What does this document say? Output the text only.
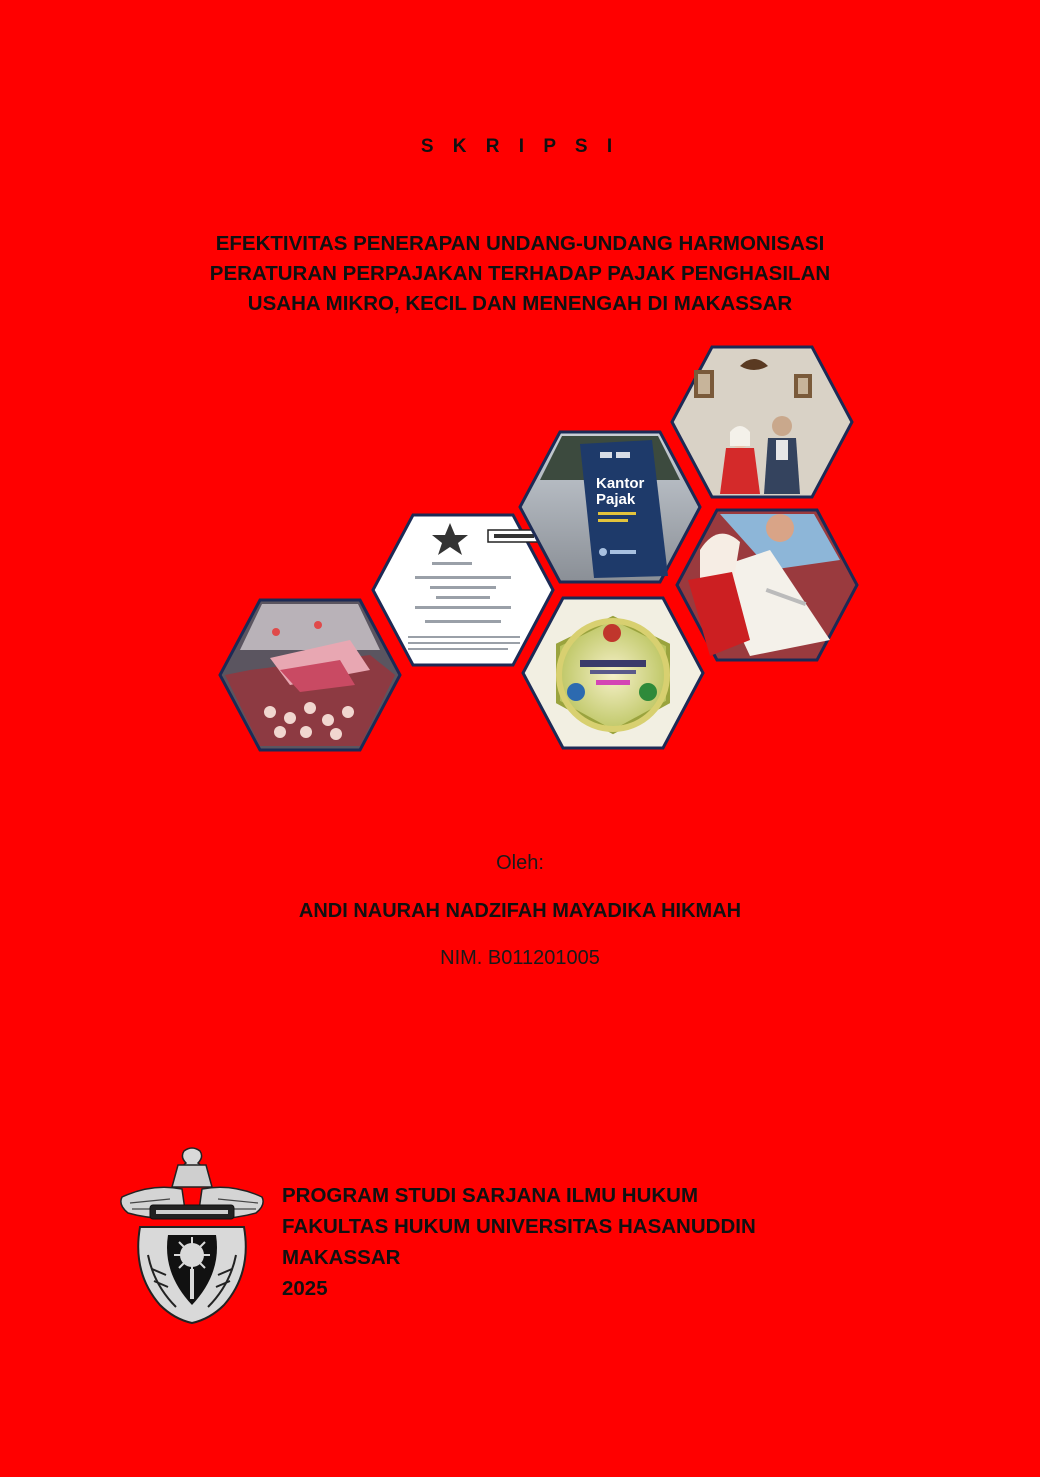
S K R I P S I
EFEKTIVITAS PENERAPAN UNDANG-UNDANG HARMONISASI
PERATURAN PERPAJAKAN TERHADAP PAJAK PENGHASILAN
USAHA MIKRO, KECIL DAN MENENGAH DI MAKASSAR
Kantor
Pajak
Oleh:
ANDI NAURAH NADZIFAH MAYADIKA HIKMAH
NIM. B011201005
PROGRAM STUDI SARJANA ILMU HUKUM
FAKULTAS HUKUM UNIVERSITAS HASANUDDIN
MAKASSAR
2025
